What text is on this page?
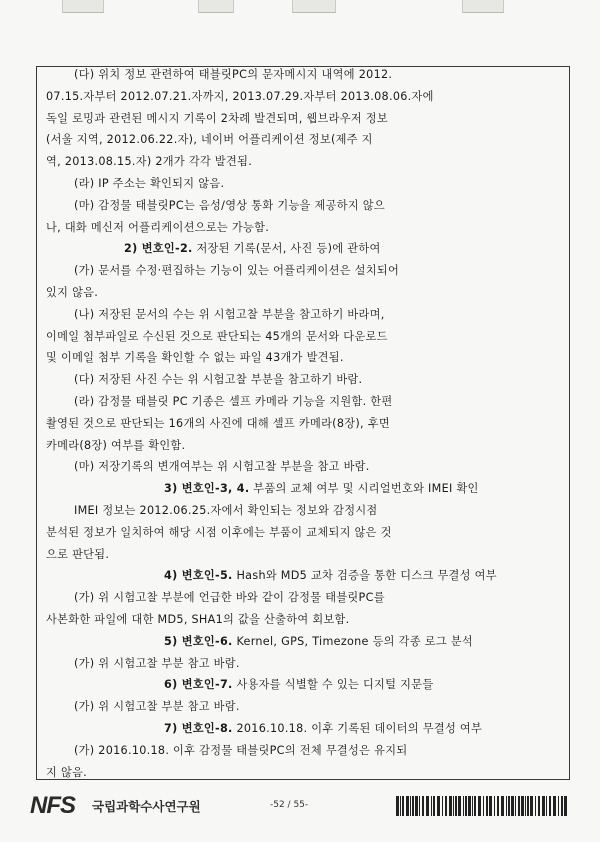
(다) 위치 정보 관련하여 태블릿PC의 문자메시지 내역에 2012.
07.15.자부터 2012.07.21.자까지, 2013.07.29.자부터 2013.08.06.자에
독일 로밍과 관련된 메시지 기록이 2차례 발견되며, 웹브라우저 정보
(서울 지역, 2012.06.22.자), 네이버 어플리케이션 정보(제주 지
역, 2013.08.15.자) 2개가 각각 발견됨.
(라) IP 주소는 확인되지 않음.
(마) 감정물 태블릿PC는 음성/영상 통화 기능을 제공하지 않으
나, 대화 메신저 어플리케이션으로는 가능함.
2) 변호인-2. 저장된 기록(문서, 사진 등)에 관하여
(가) 문서를 수정·편집하는 기능이 있는 어플리케이션은 설치되어
있지 않음.
(나) 저장된 문서의 수는 위 시험고찰 부분을 참고하기 바라며,
이메일 첨부파일로 수신된 것으로 판단되는 45개의 문서와 다운로드
및 이메일 첨부 기록을 확인할 수 없는 파일 43개가 발견됨.
(다) 저장된 사진 수는 위 시험고찰 부분을 참고하기 바람.
(라) 감정물 태블릿 PC 기종은 셀프 카메라 기능을 지원함. 한편
촬영된 것으로 판단되는 16개의 사진에 대해 셀프 카메라(8장), 후면
카메라(8장) 여부를 확인함.
(마) 저장기록의 변개여부는 위 시험고찰 부분을 참고 바람.
3) 변호인-3, 4. 부품의 교체 여부 및 시리얼번호와 IMEI 확인
IMEI 정보는 2012.06.25.자에서 확인되는 정보와 감정시점
분석된 정보가 일치하여 해당 시점 이후에는 부품이 교체되지 않은 것
으로 판단됨.
4) 변호인-5. Hash와 MD5 교차 검증을 통한 디스크 무결성 여부
(가) 위 시험고찰 부분에 언급한 바와 같이 감정물 태블릿PC를
사본화한 파일에 대한 MD5, SHA1의 값을 산출하여 회보함.
5) 변호인-6. Kernel, GPS, Timezone 등의 각종 로그 분석
(가) 위 시험고찰 부분 참고 바람.
6) 변호인-7. 사용자를 식별할 수 있는 디지털 지문들
(가) 위 시험고찰 부분 참고 바람.
7) 변호인-8. 2016.10.18. 이후 기록된 데이터의 무결성 여부
(가) 2016.10.18. 이후 감정물 태블릿PC의 전체 무결성은 유지되
지 않음.
NFS 국립과학수사연구원	-52 / 55-
